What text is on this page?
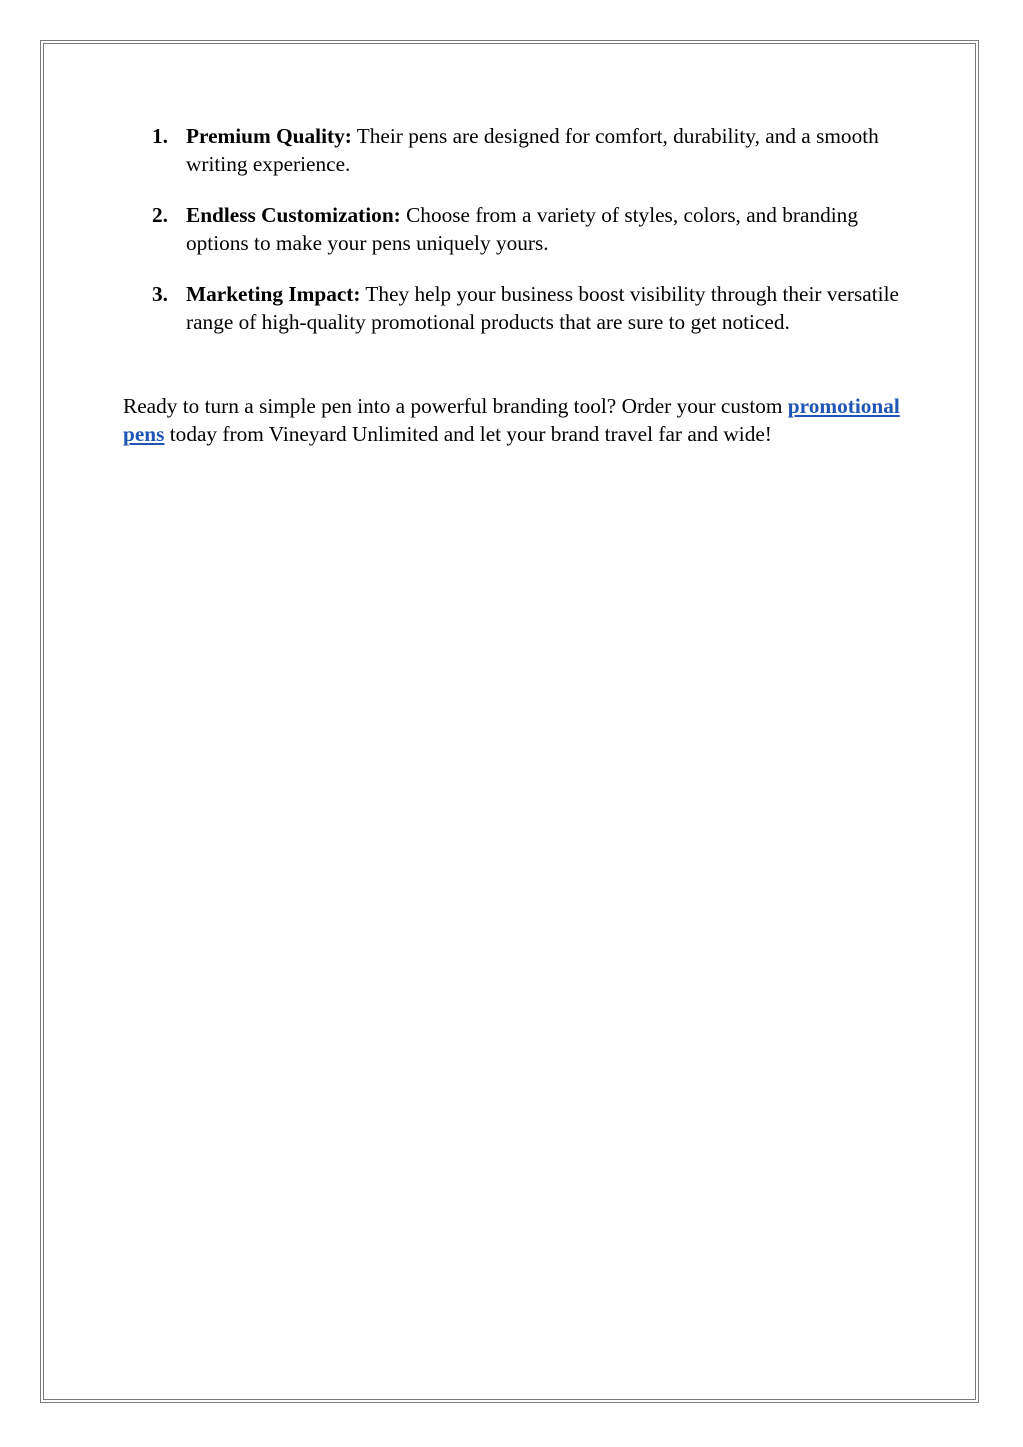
1. Premium Quality: Their pens are designed for comfort, durability, and a smooth writing experience.
2. Endless Customization: Choose from a variety of styles, colors, and branding options to make your pens uniquely yours.
3. Marketing Impact: They help your business boost visibility through their versatile range of high-quality promotional products that are sure to get noticed.

Ready to turn a simple pen into a powerful branding tool? Order your custom promotional pens today from Vineyard Unlimited and let your brand travel far and wide!
